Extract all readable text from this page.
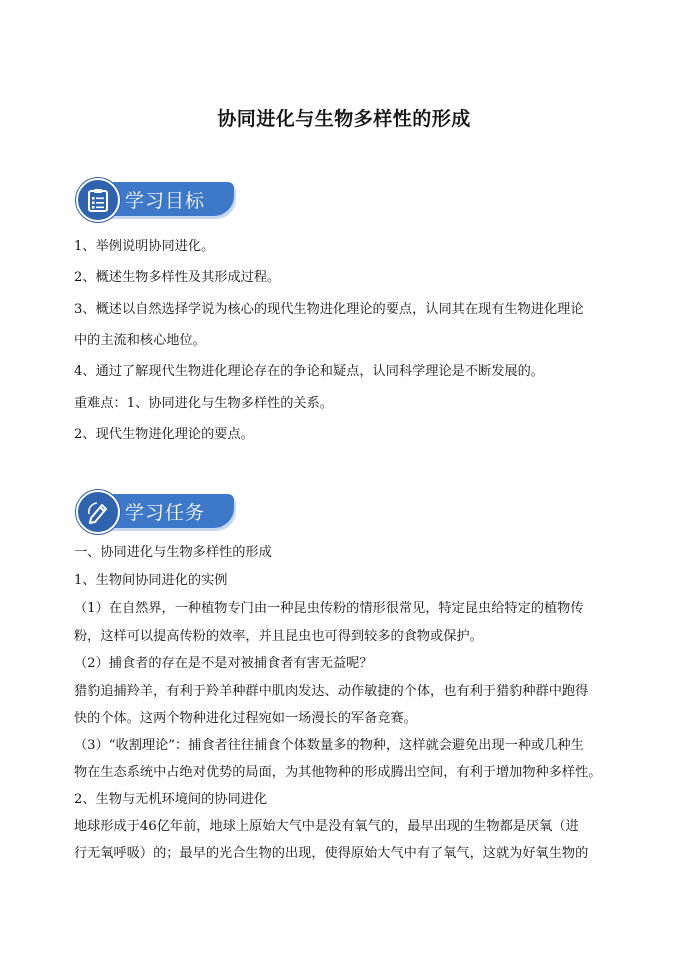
协同进化与生物多样性的形成
学习目标
1、举例说明协同进化。
2、概述生物多样性及其形成过程。
3、概述以自然选择学说为核心的现代生物进化理论的要点，认同其在现有生物进化理论
中的主流和核心地位。
4、通过了解现代生物进化理论存在的争论和疑点，认同科学理论是不断发展的。
重难点：1、协同进化与生物多样性的关系。
2、现代生物进化理论的要点。
学习任务
一、协同进化与生物多样性的形成
1、生物间协同进化的实例
（1）在自然界，一种植物专门由一种昆虫传粉的情形很常见，特定昆虫给特定的植物传
粉，这样可以提高传粉的效率，并且昆虫也可得到较多的食物或保护。
（2）捕食者的存在是不是对被捕食者有害无益呢？
猎豹追捕羚羊，有利于羚羊种群中肌肉发达、动作敏捷的个体，也有利于猎豹种群中跑得
快的个体。这两个物种进化过程宛如一场漫长的军备竞赛。
（3）“收割理论”：捕食者往往捕食个体数量多的物种，这样就会避免出现一种或几种生
物在生态系统中占绝对优势的局面，为其他物种的形成腾出空间，有利于增加物种多样性。
2、生物与无机环境间的协同进化
地球形成于46亿年前，地球上原始大气中是没有氧气的，最早出现的生物都是厌氧（进
行无氧呼吸）的；最早的光合生物的出现，使得原始大气中有了氧气，这就为好氧生物的
